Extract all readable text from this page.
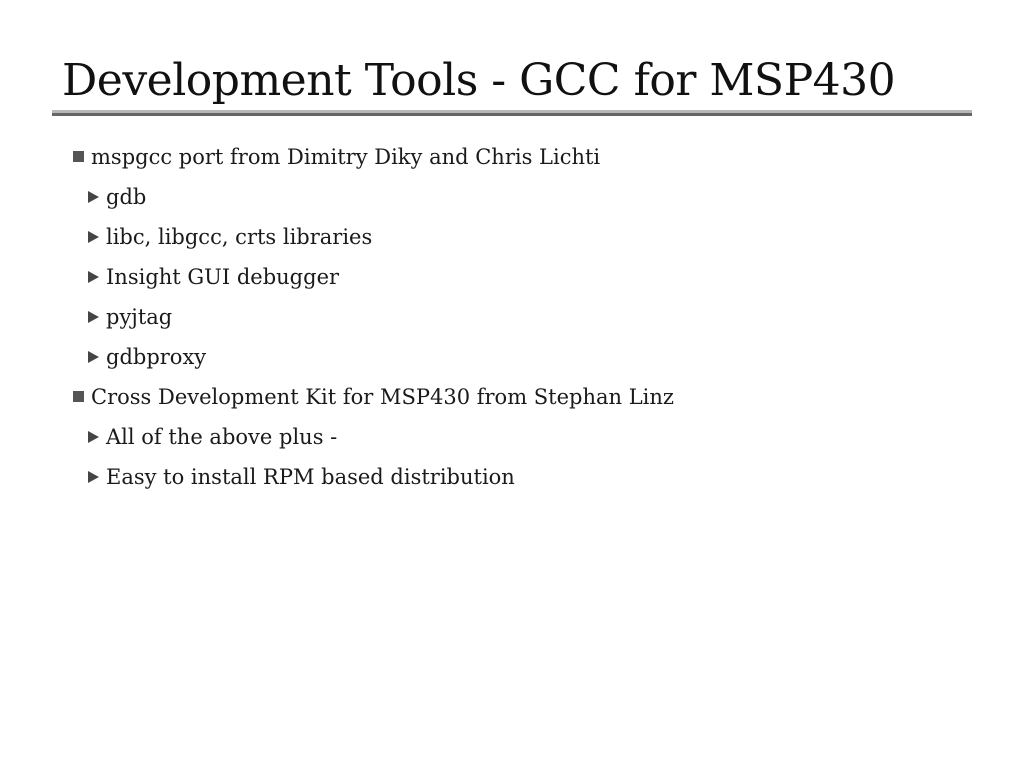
Development Tools - GCC for MSP430
mspgcc port from Dimitry Diky and Chris Lichti
gdb
libc, libgcc, crts libraries
Insight GUI debugger
pyjtag
gdbproxy
Cross Development Kit for MSP430 from Stephan Linz
All of the above plus -
Easy to install RPM based distribution
